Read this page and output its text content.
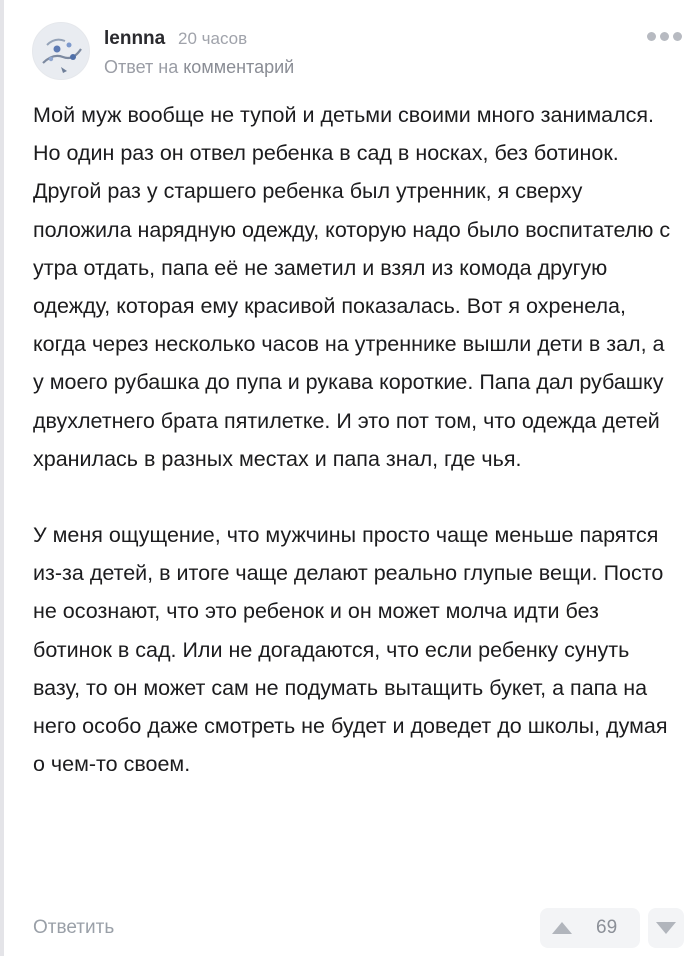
lennna 20 часов
Ответ на комментарий

Мой муж вообще не тупой и детьми своими много занимался. Но один раз он отвел ребенка в сад в носках, без ботинок. Другой раз у старшего ребенка был утренник, я сверху положила нарядную одежду, которую надо было воспитателю с утра отдать, папа её не заметил и взял из комода другую одежду, которая ему красивой показалась. Вот я охренела, когда через несколько часов на утреннике вышли дети в зал, а у моего рубашка до пупа и рукава короткие. Папа дал рубашку двухлетнего брата пятилетке. И это пот том, что одежда детей хранилась в разных местах и папа знал, где чья.

У меня ощущение, что мужчины просто чаще меньше парятся из-за детей, в итоге чаще делают реально глупые вещи. Посто не осознают, что это ребенок и он может молча идти без ботинок в сад. Или не догадаются, что если ребенку сунуть вазу, то он может сам не подумать вытащить букет, а папа на него особо даже смотреть не будет и доведет до школы, думая о чем-то своем.

Ответить	69
